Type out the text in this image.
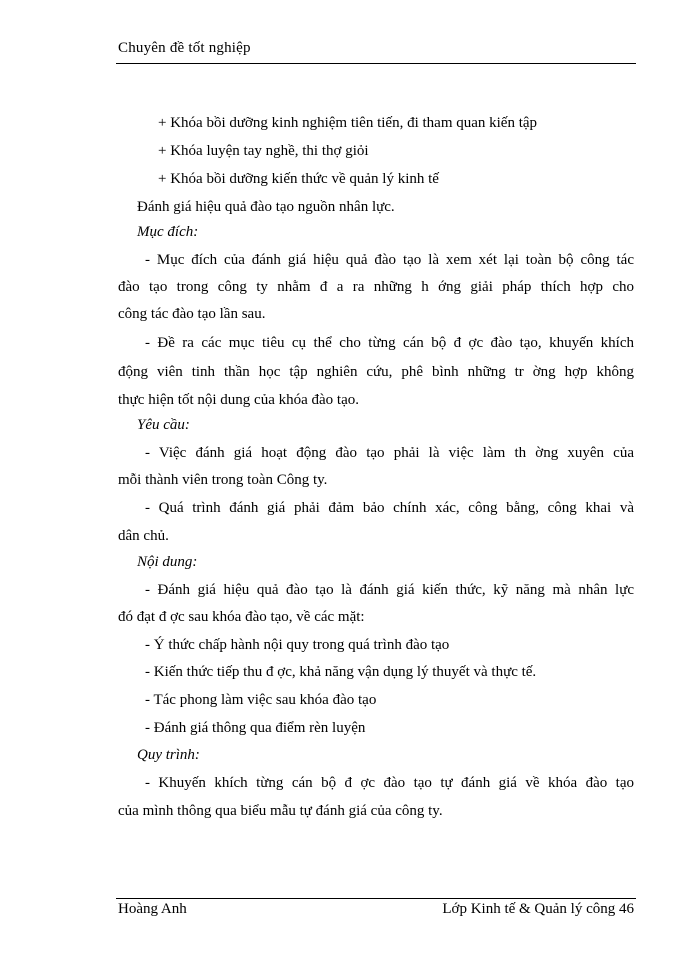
Chuyên đề tốt nghiệp
+ Khóa bồi dưỡng kinh nghiệm tiên tiến, đi tham quan kiến tập
+ Khóa luyện tay nghề, thi thợ giỏi
+ Khóa bồi dưỡng kiến thức về quản lý kinh tế
Đánh giá hiệu quả đào tạo nguồn nhân lực.
Mục đích:
- Mục đích của đánh giá hiệu quả đào tạo là xem xét lại toàn bộ công tác
đào tạo trong công ty nhằm đ a ra những h ớng giải pháp thích hợp cho
công tác đào tạo lần sau.
- Đề ra các mục tiêu cụ thể cho từng cán bộ đ ợc đào tạo, khuyến khích
động viên tinh thần học tập nghiên cứu, phê bình những tr ờng hợp không
thực hiện tốt nội dung của khóa đào tạo.
Yêu cầu:
- Việc đánh giá hoạt động đào tạo phải là việc làm th ờng xuyên của
mỗi thành viên trong toàn Công ty.
- Quá trình đánh giá phải đảm bảo chính xác, công bằng, công khai và
dân chủ.
Nội dung:
- Đánh giá hiệu quả đào tạo là đánh giá kiến thức, kỹ năng mà nhân lực
đó đạt đ ợc sau khóa đào tạo, về các mặt:
- Ý thức chấp hành nội quy trong quá trình đào tạo
- Kiến thức tiếp thu đ ợc, khả năng vận dụng lý thuyết và thực tế.
- Tác phong làm việc sau khóa đào tạo
- Đánh giá thông qua điểm rèn luyện
Quy trình:
- Khuyến khích từng cán bộ đ ợc đào tạo tự đánh giá về khóa đào tạo
của mình thông qua biểu mẫu tự đánh giá của công ty.
Hoàng Anh	Lớp Kinh tế & Quản lý công 46
